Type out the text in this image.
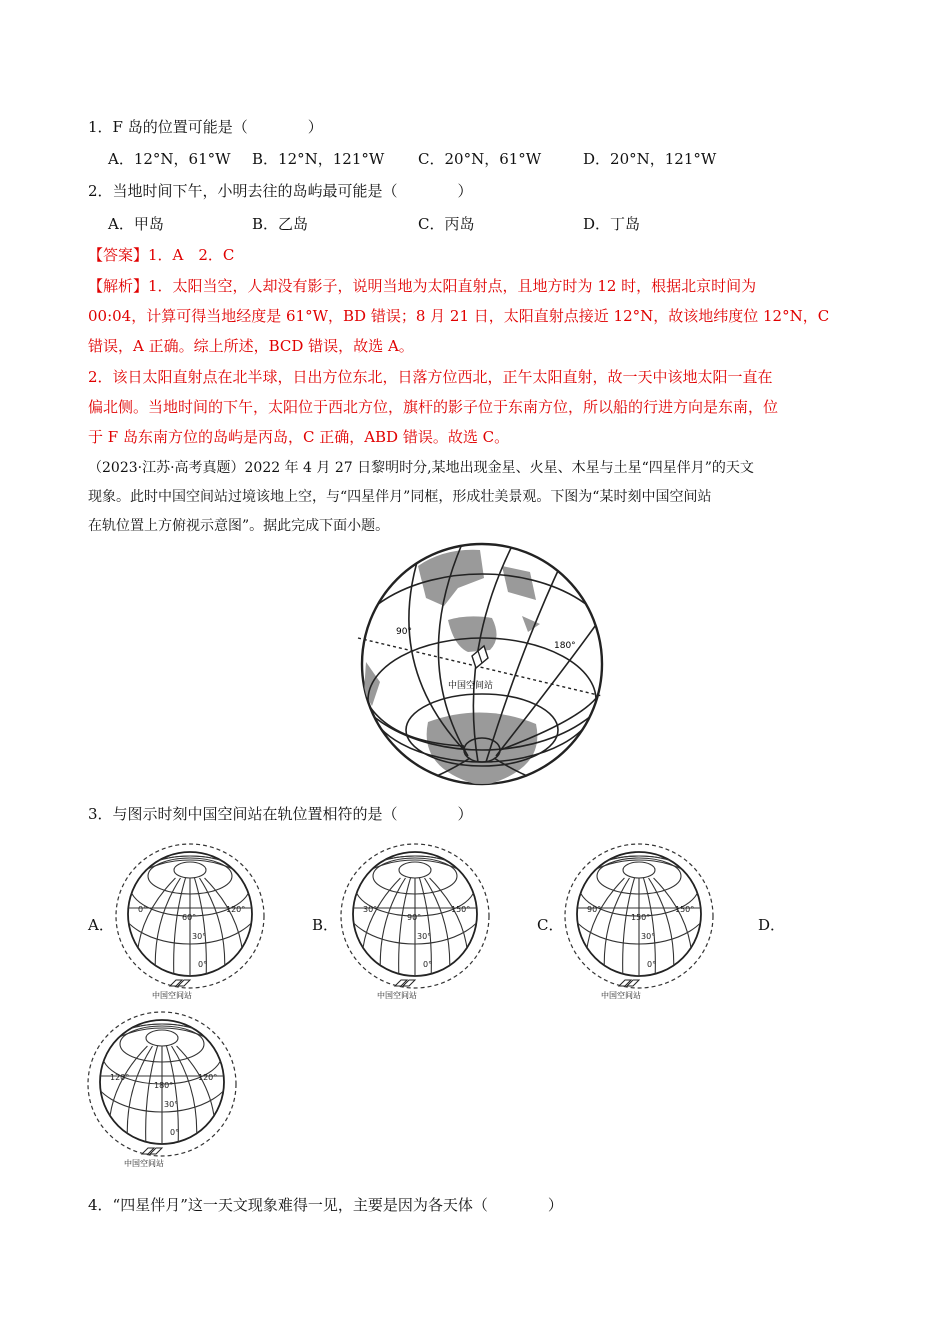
1．F 岛的位置可能是（　　　　）
A．12°N，61°W B．12°N，121°W C．20°N，61°W	D．20°N，121°W
2．当地时间下午，小明去往的岛屿最可能是（　　　　）
A．甲岛	B．乙岛	C．丙岛	D．丁岛
【答案】1．A　2．C
【解析】1．太阳当空，人却没有影子，说明当地为太阳直射点，且地方时为 12 时，根据北京时间为
00:04，计算可得当地经度是 61°W，BD 错误；8 月 21 日，太阳直射点接近 12°N，故该地纬度位 12°N，C
错误，A 正确。综上所述，BCD 错误，故选 A。
2．该日太阳直射点在北半球，日出方位东北，日落方位西北，正午太阳直射，故一天中该地太阳一直在
偏北侧。当地时间的下午，太阳位于西北方位，旗杆的影子位于东南方位，所以船的行进方向是东南，位
于 F 岛东南方位的岛屿是丙岛，C 正确，ABD 错误。故选 C。
（2023·江苏·高考真题）2022 年 4 月 27 日黎明时分,某地出现金星、火星、木星与土星“四星伴月”的天文
现象。此时中国空间站过境该地上空，与“四星伴月”同框，形成壮美景观。下图为“某时刻中国空间站
在轨位置上方俯视示意图”。据此完成下面小题。
90°
180°
中国空间站
3．与图示时刻中国空间站在轨位置相符的是（　　　　）
A．	B．	C．	D．
0°
60°
120°
30°
0°
中国空间站
30°
90°
150°
30°
0°
中国空间站
90°
150°
150°
30°
0°
中国空间站
120°
180°
120°
30°
0°
中国空间站
4．“四星伴月”这一天文现象难得一见，主要是因为各天体（　　　　）
